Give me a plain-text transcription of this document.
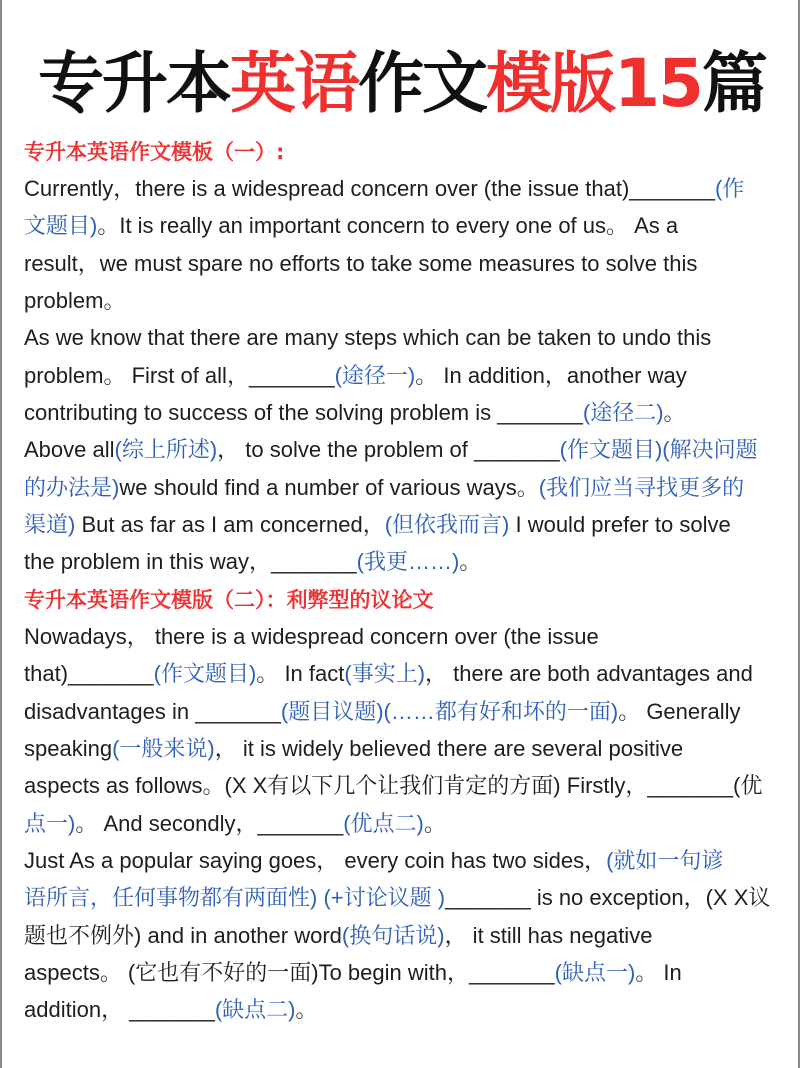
专升本英语作文模版15篇
专升本英语作文模板（一）:
Currently，there is a widespread concern over (the issue that)_______(作
文题目)。It is really an important concern to every one of us。 As a
result，we must spare no efforts to take some measures to solve this
problem。
As we know that there are many steps which can be taken to undo this
problem。 First of all，_______(途径一)。 In addition，another way
contributing to success of the solving problem is _______(途径二)。
Above all(综上所述)， to solve the problem of _______(作文题目)(解决问题
的办法是)we should find a number of various ways。(我们应当寻找更多的
渠道) But as far as I am concerned，(但依我而言) I would prefer to solve
the problem in this way，_______(我更……)。
专升本英语作文模版（二）：利弊型的议论文
Nowadays， there is a widespread concern over (the issue
that)_______(作文题目)。 In fact(事实上)， there are both advantages and
disadvantages in _______(题目议题)(……都有好和坏的一面)。 Generally
speaking(一般来说)， it is widely believed there are several positive
aspects as follows。(X X有以下几个让我们肯定的方面) Firstly，_______(优
点一)。 And secondly，_______(优点二)。
Just As a popular saying goes， every coin has two sides，(就如一句谚
语所言，任何事物都有两面性) (+讨论议题 )_______ is no exception，(X X议
题也不例外) and in another word(换句话说)， it still has negative
aspects。 (它也有不好的一面)To begin with，_______(缺点一)。 In
addition， _______(缺点二)。
